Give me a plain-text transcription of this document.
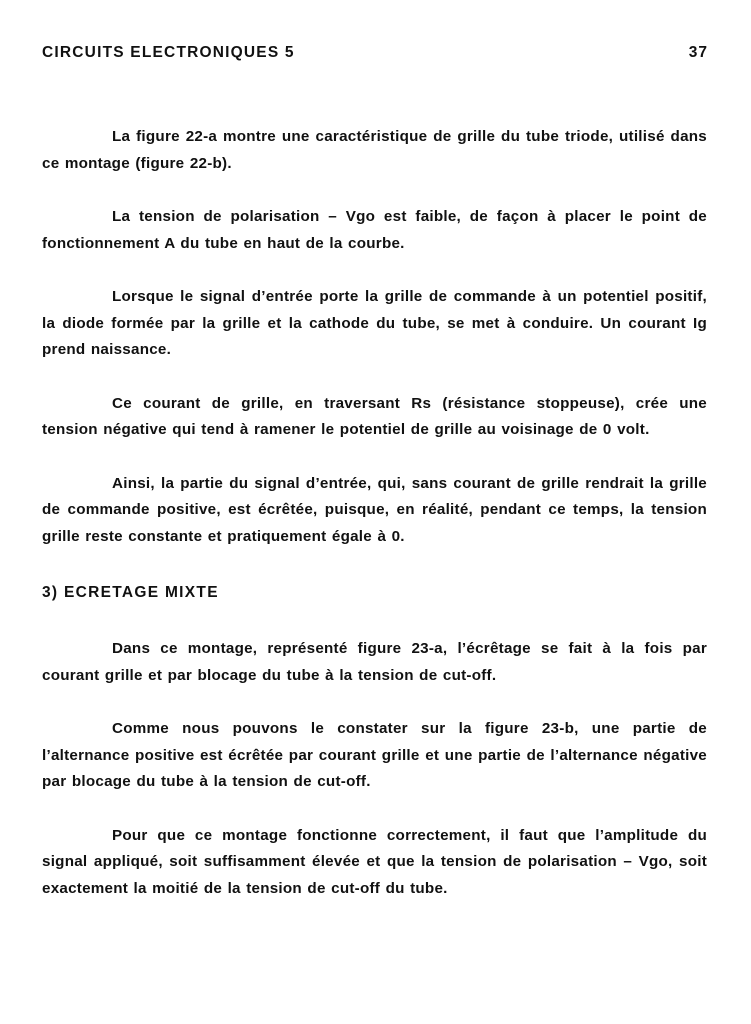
CIRCUITS ELECTRONIQUES 5	37

La figure 22-a montre une caractéristique de grille du tube triode, utilisé dans ce montage (figure 22-b).

La tension de polarisation – Vgo est faible, de façon à placer le point de fonctionnement A du tube en haut de la courbe.

Lorsque le signal d’entrée porte la grille de commande à un potentiel positif, la diode formée par la grille et la cathode du tube, se met à conduire. Un courant Ig prend naissance.

Ce courant de grille, en traversant Rs (résistance stoppeuse), crée une tension négative qui tend à ramener le potentiel de grille au voisinage de 0 volt.

Ainsi, la partie du signal d’entrée, qui, sans courant de grille rendrait la grille de commande positive, est écrêtée, puisque, en réalité, pendant ce temps, la tension grille reste constante et pratiquement égale à 0.

3) ECRETAGE MIXTE

Dans ce montage, représenté figure 23-a, l’écrêtage se fait à la fois par courant grille et par blocage du tube à la tension de cut-off.

Comme nous pouvons le constater sur la figure 23-b, une partie de l’alternance positive est écrêtée par courant grille et une partie de l’alternance négative par blocage du tube à la tension de cut-off.

Pour que ce montage fonctionne correctement, il faut que l’amplitude du signal appliqué, soit suffisamment élevée et que la tension de polarisation – Vgo, soit exactement la moitié de la tension de cut-off du tube.
